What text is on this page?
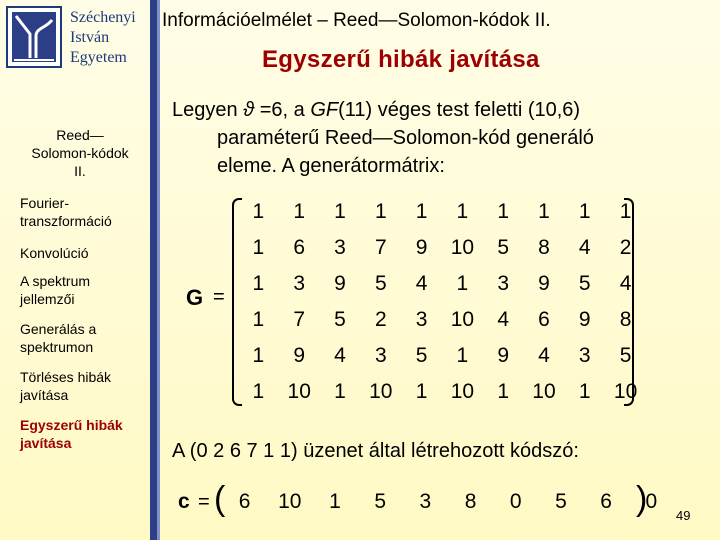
Széchenyi
István
Egyetem
Információelmélet – Reed—Solomon-kódok II.
Egyszerű hibák javítása
Reed—
Solomon-kódok
II.
Fourier-transzformáció
Konvolúció
A spektrum jellemzői
Generálás a spektrumon
Törléses hibák javítása
Egyszerű hibák javítása
Legyen ϑ =6, a GF(11) véges test feletti (10,6)
paraméterű Reed—Solomon-kód generáló
eleme. A generátormátrix:
G =
1	1	1	1	1	1	1	1	1	1
1	6	3	7	9	10	5	8	4	2
1	3	9	5	4	1	3	9	5	4
1	7	5	2	3	10	4	6	9	8
1	9	4	3	5	1	9	4	3	5
1	10	1	10	1	10	1	10	1	10
A (0 2 6 7 1 1) üzenet által létrehozott kódszó:
c = (	)
6	10	1	5	3	8	0	5	6	0
49
